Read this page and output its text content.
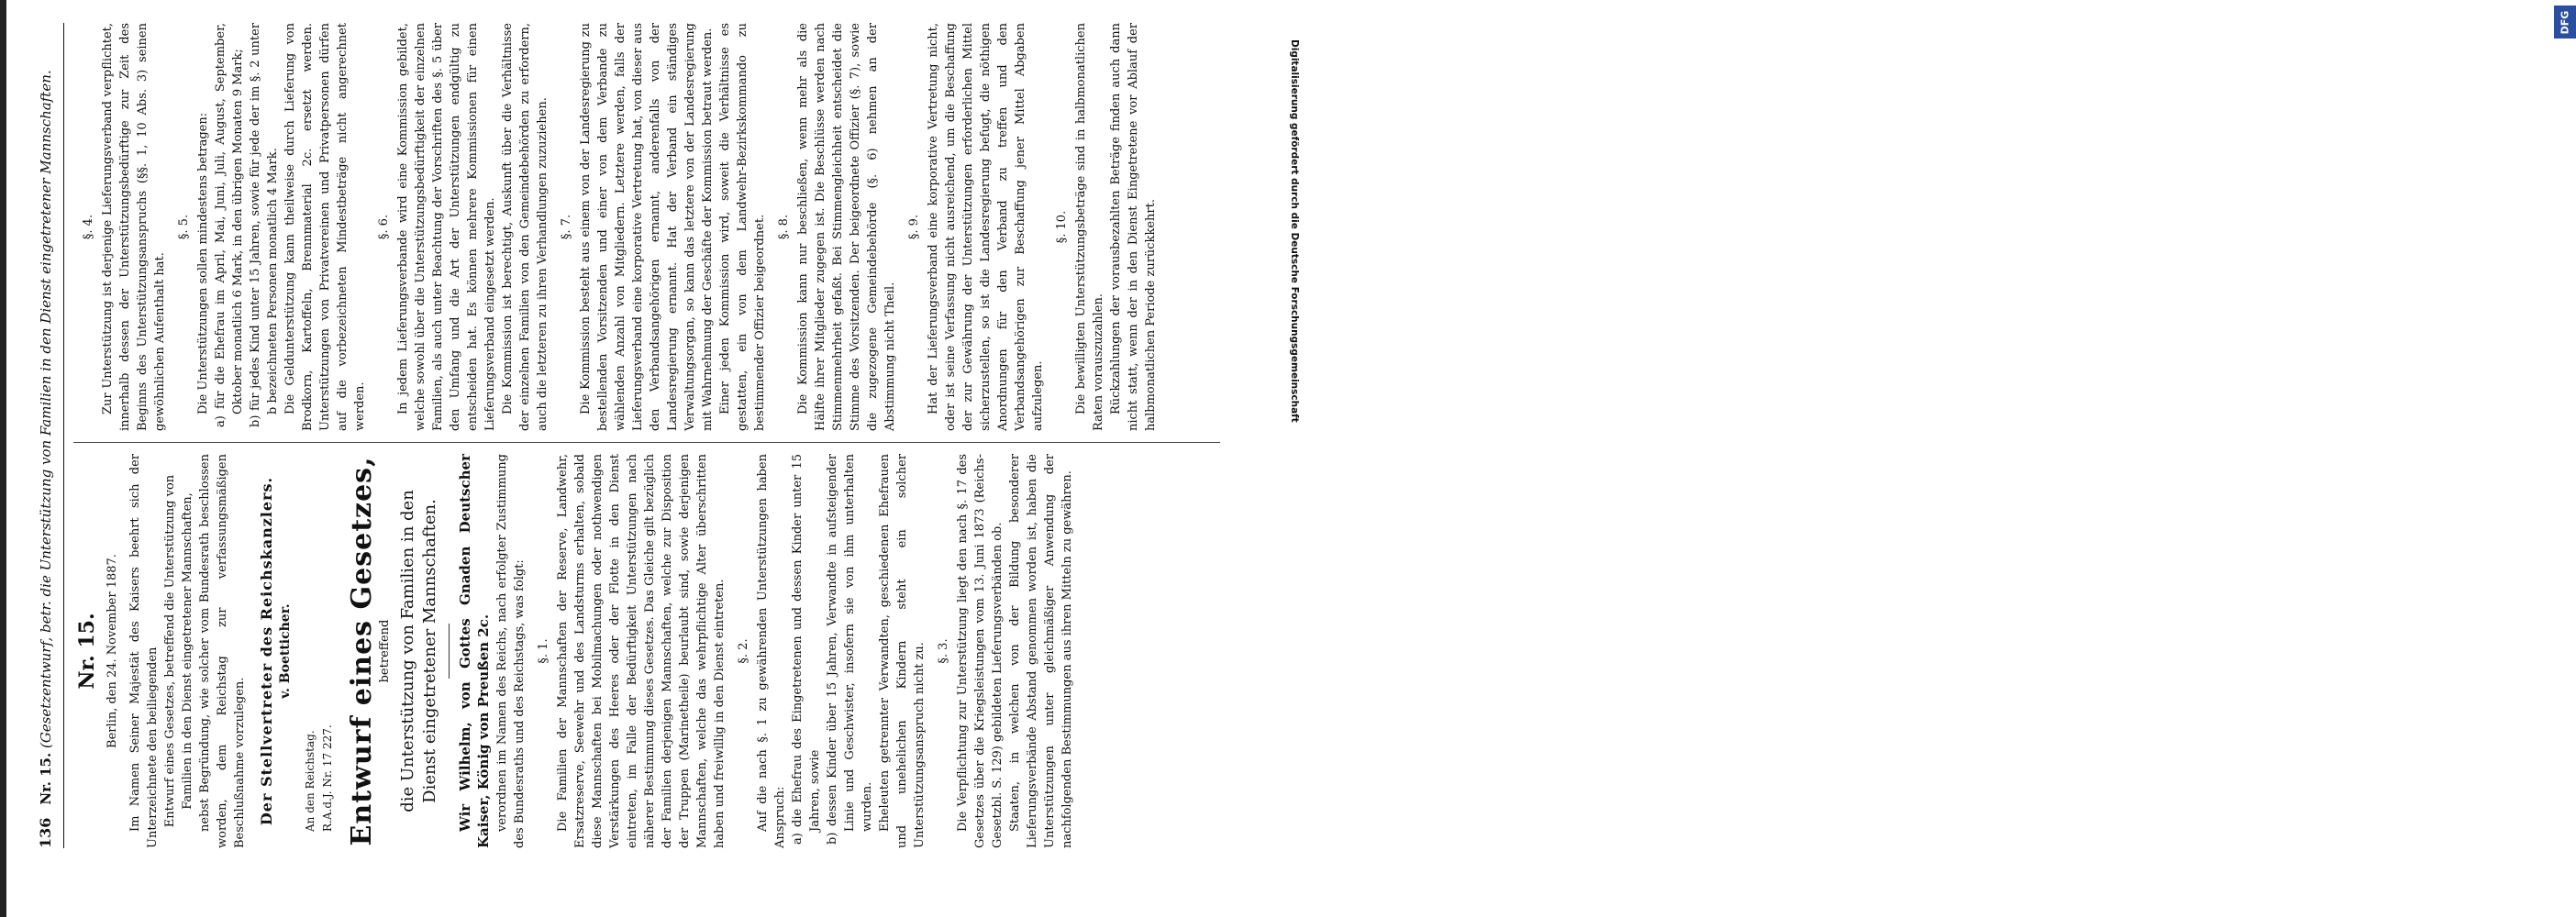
136
Nr. 15. (Gesetzentwurf, betr. die Unterstützung von Familien in den Dienst eingetretener Mannschaften. Nr. 15. Berlin, den 24. November 1887. Im Namen Seiner Majestät des Kaisers beehrt sich der Unterzeichnete den beiliegenden Entwurf eines Gesetzes, betreffend die Unterstützung von Familien in den Dienst eingetretener Mannschaften, nebst Begründung, wie solcher vom Bundesrath beschlossen worden, dem Reichstag zur verfassungsmäßigen Beschlußnahme vorzulegen. Der Stellvertreter des Reichskanzlers. v. Boetticher.

An den Reichstag. R.A.d.J. Nr. 17 227. Entwurf eines Gesetzes, betreffend die Unterstützung von Familien in den Dienst eingetretener Mannschaften. Wir Wilhelm, von Gottes Gnaden Deutscher Kaiser, König von Preußen 2c. verordnen im Namen des Reichs, nach erfolgter Zustimmung des Bundesraths und des Reichstags, was folgt: §. 1. Die Familien der Mannschaften der Reserve, Landwehr, Ersatzreserve, Seewehr und des Landsturms erhalten, sobald diese Mannschaften bei Mobilmachungen oder nothwendigen Verstärkungen des Heeres oder der Flotte in den Dienst eintreten, im Falle der Bedürftigkeit Unterstützungen nach näherer Bestimmung dieses Gesetzes. Das Gleiche gilt bezüglich der Familien derjenigen Mannschaften, welche zur Disposition der Truppen (Marinetheile) beurlaubt sind, sowie derjenigen Mannschaften, welche das wehrpflichtige Alter überschritten haben und freiwillig in den Dienst eintreten. §. 2. Auf die nach §. 1 zu gewährenden Unterstützungen haben Anspruch: a) die Ehefrau des Eingetretenen und dessen Kinder unter 15 Jahren, sowie b) dessen Kinder über 15 Jahren, Verwandte in aufsteigender Linie und Geschwister, insofern sie von ihm unterhalten wurden. Eheleuten getrennter Verwandten, geschiedenen Ehefrauen und unehelichen Kindern steht ein solcher Unterstützungsanspruch nicht zu. §. 3. Die Verpflichtung zur Unterstützung liegt den nach §. 17 des Gesetzes über die Kriegsleistungen vom 13. Juni 1873 (Reichs-Gesetzbl. S. 129) gebildeten Lieferungsverbänden ob. Staaten, in welchen von der Bildung besonderer Lieferungsverbände Abstand genommen worden ist, haben die Unterstützungen unter gleichmäßiger Anwendung der nachfolgenden Bestimmungen aus ihren Mitteln zu gewähren.

§. 4. Zur Unterstützung ist derjenige Lieferungsverband verpflichtet, innerhalb dessen der Unterstützungsbedürftige zur Zeit des Beginns des Unterstützungsanspruchs (§§. 1, 10 Abs. 3) seinen gewöhnlichen Aufenthalt hat.

§. 5. Die Unterstützungen sollen mindestens betragen: a) für die Ehefrau im April, Mai, Juni, Juli, August, September, Oktober monatlich 6 Mark, in den übrigen Monaten 9 Mark; b) für jedes Kind unter 15 Jahren, sowie für jede der im §. 2 unter b bezeichneten Personen monatlich 4 Mark. Die Geldunterstützung kann theilweise durch Lieferung von Brodkorn, Kartoffeln, Brennmaterial 2c. ersetzt werden. Unterstützungen von Privatvereinen und Privatpersonen dürfen auf die vorbezeichneten Mindestbeträge nicht angerechnet werden.

§. 6. In jedem Lieferungsverbande wird eine Kommission gebildet, welche sowohl über die Unterstützungsbedürftigkeit der einzelnen Familien, als auch unter Beachtung der Vorschriften des §. 5 über den Umfang und die Art der Unterstützungen endgültig zu entscheiden hat. Es können mehrere Kommissionen für einen Lieferungsverband eingesetzt werden. Die Kommission ist berechtigt, Auskunft über die Verhältnisse der einzelnen Familien von den Gemeindebehörden zu erfordern, auch die letzteren zu ihren Verhandlungen zuzuziehen. §. 7. Die Kommission besteht aus einem von der Landesregierung zu bestellenden Vorsitzenden und einer von dem Verbande zu wählenden Anzahl von Mitgliedern. Letztere werden, falls der Lieferungsverband eine korporative Vertretung hat, von dieser aus den Verbandsangehörigen ernannt, anderenfalls von der Landesregierung ernannt. Hat der Verband ein ständiges Verwaltungsorgan, so kann das letztere von der Landesregierung mit Wahrnehmung der Geschäfte der Kommission betraut werden. Einer jeden Kommission wird, soweit die Verhältnisse es gestatten, ein von dem Landwehr-Bezirkskommando zu bestimmender Offizier beigeordnet. §. 8. Die Kommission kann nur beschließen, wenn mehr als die Hälfte ihrer Mitglieder zugegen ist. Die Beschlüsse werden nach Stimmenmehrheit gefaßt. Bei Stimmengleichheit entscheidet die Stimme des Vorsitzenden. Der beigeordnete Offizier (§. 7), sowie die zugezogene Gemeindebehörde (§. 6) nehmen an der Abstimmung nicht Theil.

§. 9. Hat der Lieferungsverband eine korporative Vertretung nicht, oder ist seine Verfassung nicht ausreichend, um die Beschaffung der zur Gewährung der Unterstützungen erforderlichen Mittel sicherzustellen, so ist die Landesregierung befugt, die nöthigen Anordnungen für den Verband zu treffen und den Verbandsangehörigen zur Beschaffung jener Mittel Abgaben aufzulegen.

§. 10. Die bewilligten Unterstützungsbeträge sind in halbmonatlichen Raten vorauszuzahlen. Rückzahlungen der vorausbezahlten Beträge finden auch dann nicht statt, wenn der in den Dienst Eingetretene vor Ablauf der halbmonatlichen Periode zurückkehrt.

DFG
Digitalisierung gefördert durch die Deutsche Forschungsgemeinschaft
